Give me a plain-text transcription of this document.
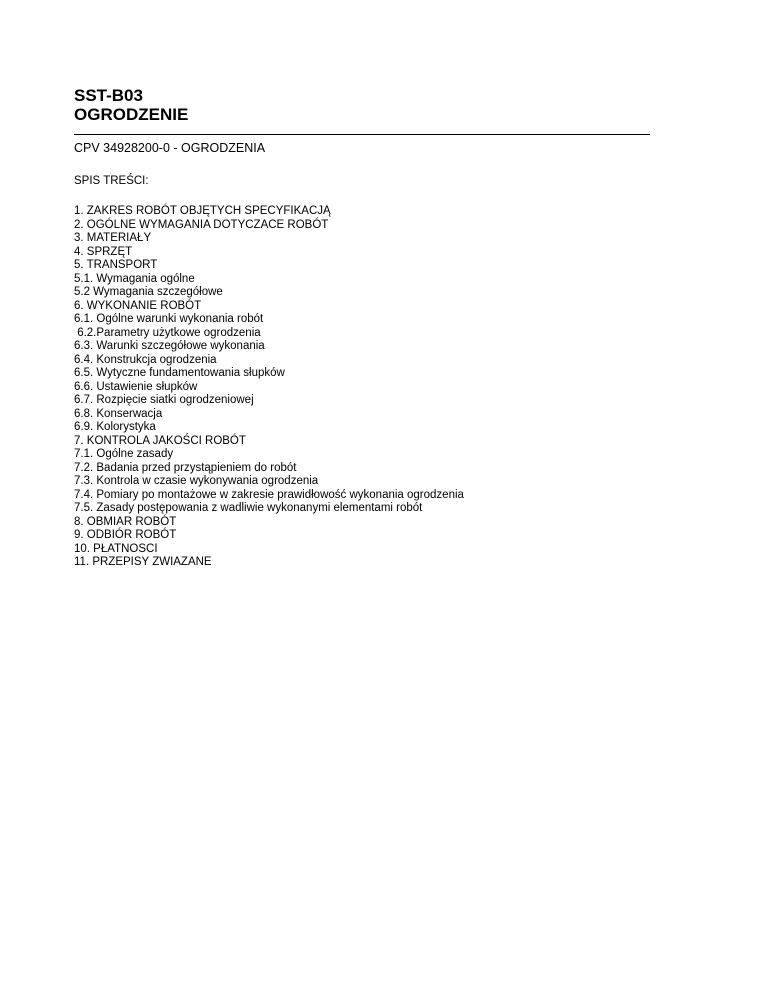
SST-B03
OGRODZENIE
CPV 34928200-0 - OGRODZENIA
SPIS TREŚCI:
1. ZAKRES ROBÓT OBJĘTYCH SPECYFIKACJĄ
2. OGÓLNE WYMAGANIA DOTYCZACE ROBÓT
3. MATERIAŁY
4. SPRZĘT
5. TRANSPORT
5.1. Wymagania ogólne
5.2 Wymagania szczegółowe
6. WYKONANIE ROBÓT
6.1. Ogólne warunki wykonania robót
6.2.Parametry użytkowe ogrodzenia
6.3. Warunki szczegółowe wykonania
6.4. Konstrukcja ogrodzenia
6.5. Wytyczne fundamentowania słupków
6.6. Ustawienie słupków
6.7. Rozpięcie siatki ogrodzeniowej
6.8. Konserwacja
6.9. Kolorystyka
7. KONTROLA JAKOŚCI ROBÓT
7.1. Ogólne zasady
7.2. Badania przed przystąpieniem do robót
7.3. Kontrola w czasie wykonywania ogrodzenia
7.4. Pomiary po montażowe w zakresie prawidłowość wykonania ogrodzenia
7.5. Zasady postępowania z wadliwie wykonanymi elementami robót
8. OBMIAR ROBÓT
9. ODBIÓR ROBÓT
10. PŁATNOSCI
11. PRZEPISY ZWIAZANE
